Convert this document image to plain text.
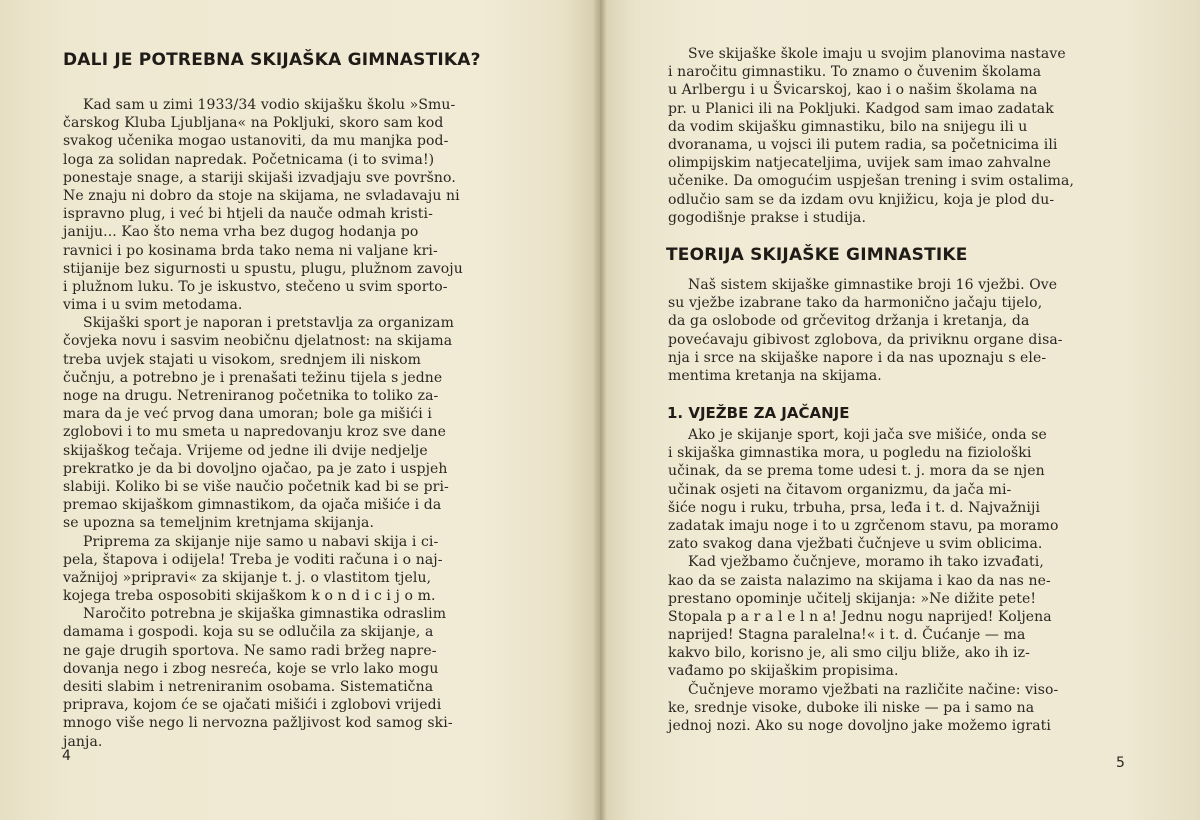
DALI JE POTREBNA SKIJAŠKA GIMNASTIKA?
Kad sam u zimi 1933/34 vodio skijašku školu »Smu-
čarskog Kluba Ljubljana« na Pokljuki, skoro sam kod
svakog učenika mogao ustanoviti, da mu manjka pod-
loga za solidan napredak. Početnicama (i to svima!)
ponestaje snage, a stariji skijaši izvadjaju sve površno.
Ne znaju ni dobro da stoje na skijama, ne svladavaju ni
ispravno plug, i već bi htjeli da nauče odmah kristi-
janiju... Kao što nema vrha bez dugog hodanja po
ravnici i po kosinama brda tako nema ni valjane kri-
stijanije bez sigurnosti u spustu, plugu, plužnom zavoju
i plužnom luku. To je iskustvo, stečeno u svim sporto-
vima i u svim metodama.
Skijaški sport je naporan i pretstavlja za organizam
čovjeka novu i sasvim neobičnu djelatnost: na skijama
treba uvjek stajati u visokom, srednjem ili niskom
čučnju, a potrebno je i prenašati težinu tijela s jedne
noge na drugu. Netreniranog početnika to toliko za-
mara da je već prvog dana umoran; bole ga mišići i
zglobovi i to mu smeta u napredovanju kroz sve dane
skijaškog tečaja. Vrijeme od jedne ili dvije nedjelje
prekratko je da bi dovoljno ojačao, pa je zato i uspjeh
slabiji. Koliko bi se više naučio početnik kad bi se pri-
premao skijaškom gimnastikom, da ojača mišiće i da
se upozna sa temeljnim kretnjama skijanja.
Priprema za skijanje nije samo u nabavi skija i ci-
pela, štapova i odijela! Treba je voditi računa i o naj-
važnijoj »pripravi« za skijanje t. j. o vlastitom tjelu,
kojega treba osposobiti skijaškom k o n d i c i j o m.
Naročito potrebna je skijaška gimnastika odraslim
damama i gospodi. koja su se odlučila za skijanje, a
ne gaje drugih sportova. Ne samo radi bržeg napre-
dovanja nego i zbog nesreća, koje se vrlo lako mogu
desiti slabim i netreniranim osobama. Sistematična
priprava, kojom će se ojačati mišići i zglobovi vrijedi
mnogo više nego li nervozna pažljivost kod samog ski-
janja.
4
Sve skijaške škole imaju u svojim planovima nastave
i naročitu gimnastiku. To znamo o čuvenim školama
u Arlbergu i u Švicarskoj, kao i o našim školama na
pr. u Planici ili na Pokljuki. Kadgod sam imao zadatak
da vodim skijašku gimnastiku, bilo na snijegu ili u
dvoranama, u vojsci ili putem radia, sa početnicima ili
olimpijskim natjecateljima, uvijek sam imao zahvalne
učenike. Da omogućim uspješan trening i svim ostalima,
odlučio sam se da izdam ovu knjižicu, koja je plod du-
gogodišnje prakse i studija.
TEORIJA SKIJAŠKE GIMNASTIKE
Naš sistem skijaške gimnastike broji 16 vježbi. Ove
su vježbe izabrane tako da harmonično jačaju tijelo,
da ga oslobode od grčevitog držanja i kretanja, da
povećavaju gibivost zglobova, da priviknu organe disa-
nja i srce na skijaške napore i da nas upoznaju s ele-
mentima kretanja na skijama.
1. VJEŽBE ZA JAČANJE
Ako je skijanje sport, koji jača sve mišiće, onda se
i skijaška gimnastika mora, u pogledu na fiziološki
učinak, da se prema tome udesi t. j. mora da se njen
učinak osjeti na čitavom organizmu, da jača mi-
šiće nogu i ruku, trbuha, prsa, leđa i t. d. Najvažniji
zadatak imaju noge i to u zgrčenom stavu, pa moramo
zato svakog dana vježbati čučnjeve u svim oblicima.
Kad vježbamo čučnjeve, moramo ih tako izvađati,
kao da se zaista nalazimo na skijama i kao da nas ne-
prestano opominje učitelj skijanja: »Ne dižite pete!
Stopala p a r a l e l n a! Jednu nogu naprijed! Koljena
naprijed! Stagna paralelna!« i t. d. Čućanje — ma
kakvo bilo, korisno je, ali smo cilju bliže, ako ih iz-
vađamo po skijaškim propisima.
Čučnjeve moramo vježbati na različite načine: viso-
ke, srednje visoke, duboke ili niske — pa i samo na
jednoj nozi. Ako su noge dovoljno jake možemo igrati
5
